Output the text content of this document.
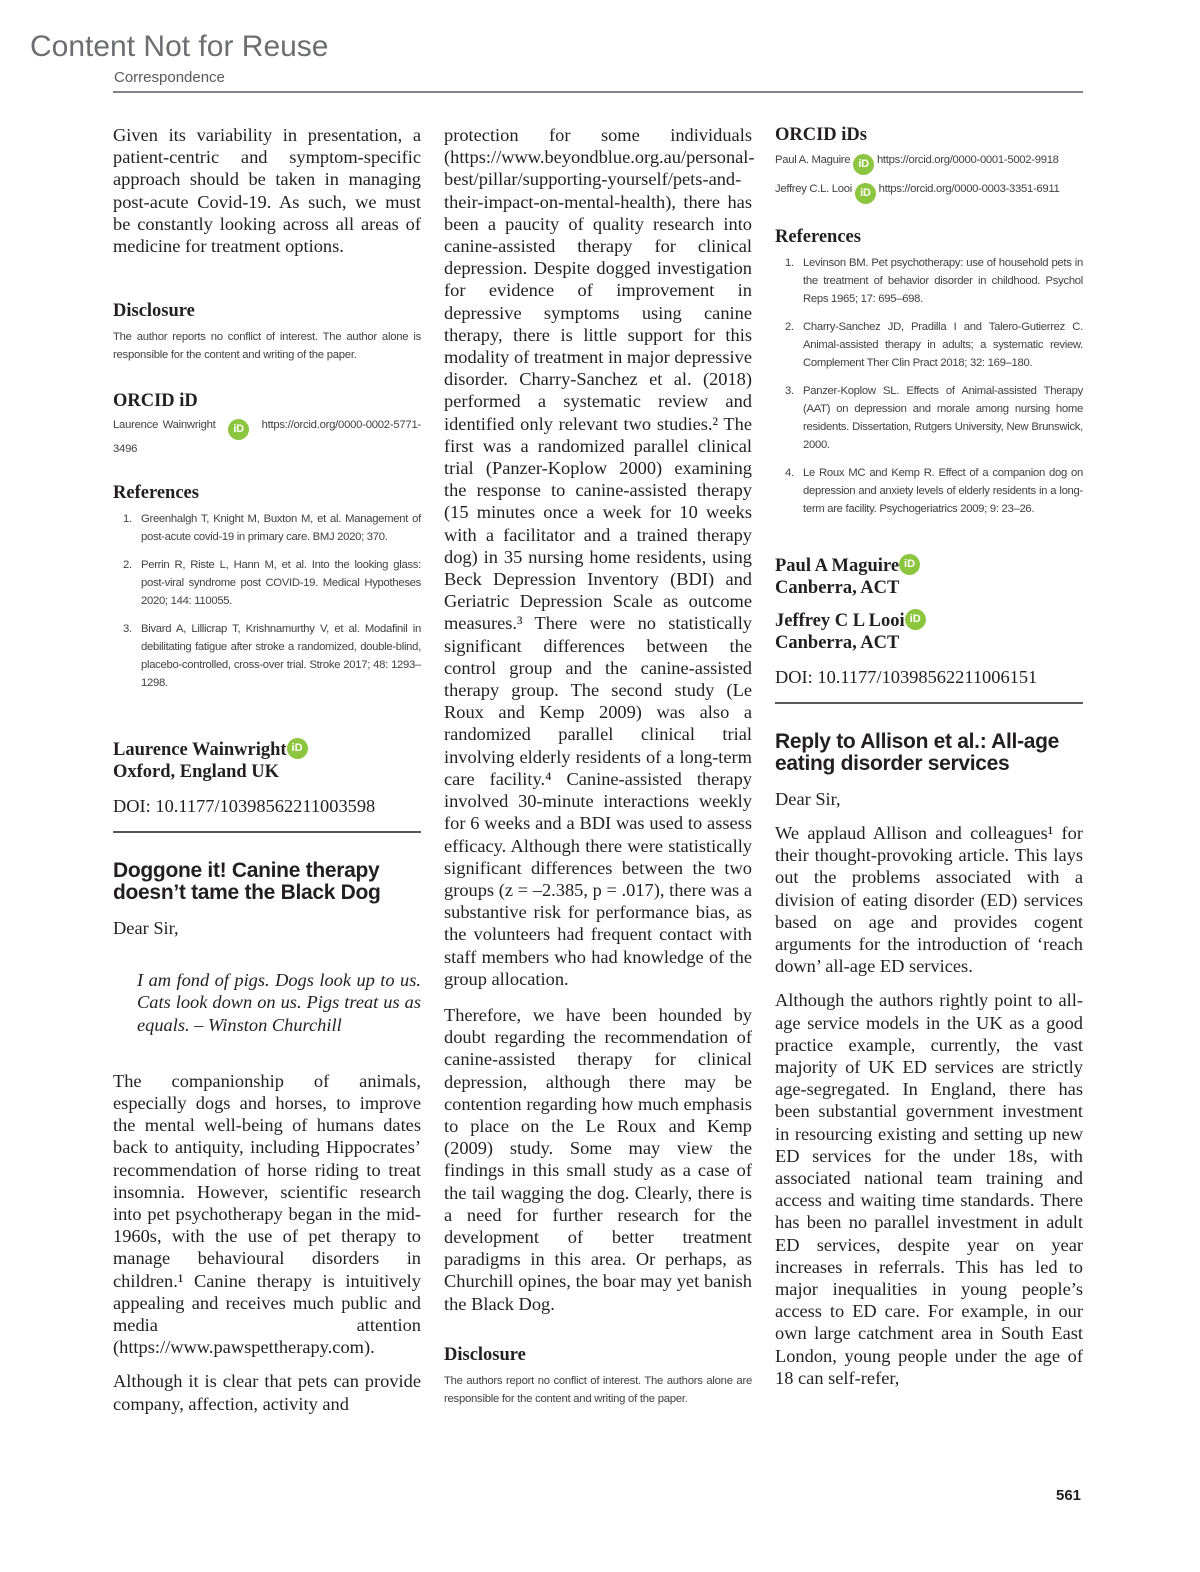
Content Not for Reuse
Correspondence

Given its variability in presentation, a patient-centric and symptom-specific approach should be taken in managing post-acute Covid-19. As such, we must be constantly looking across all areas of medicine for treatment options.

Disclosure

The author reports no conflict of interest. The author alone is responsible for the content and writing of the paper.

ORCID iD

Laurence Wainwright iD https://orcid.org/0000-0002-5771-3496

References
1. Greenhalgh T, Knight M, Buxton M, et al. Management of post-acute covid-19 in primary care. BMJ 2020; 370.
2. Perrin R, Riste L, Hann M, et al. Into the looking glass: post-viral syndrome post COVID-19. Medical Hypotheses 2020; 144: 110055.
3. Bivard A, Lillicrap T, Krishnamurthy V, et al. Modafinil in debilitating fatigue after stroke a randomized, double-blind, placebo-controlled, cross-over trial. Stroke 2017; 48: 1293–1298.

Laurence Wainwright iD

Oxford, England UK

DOI: 10.1177/10398562211003598

Doggone it! Canine therapy doesn’t tame the Black Dog

Dear Sir,

I am fond of pigs. Dogs look up to us. Cats look down on us. Pigs treat us as equals. – Winston Churchill

The companionship of animals, especially dogs and horses, to improve the mental well-being of humans dates back to antiquity, including Hippocrates’ recommendation of horse riding to treat insomnia. However, scientific research into pet psychotherapy began in the mid-1960s, with the use of pet therapy to manage behavioural disorders in children.¹ Canine therapy is intuitively appealing and receives much public and media attention (https://www.pawspettherapy.com).

Although it is clear that pets can provide company, affection, activity and

protection for some individuals (https://www.beyondblue.org.au/personal-best/pillar/supporting-yourself/pets-and-their-impact-on-mental-health), there has been a paucity of quality research into canine-assisted therapy for clinical depression. Despite dogged investigation for evidence of improvement in depressive symptoms using canine therapy, there is little support for this modality of treatment in major depressive disorder. Charry-Sanchez et al. (2018) performed a systematic review and identified only relevant two studies.² The first was a randomized parallel clinical trial (Panzer-Koplow 2000) examining the response to canine-assisted therapy (15 minutes once a week for 10 weeks with a facilitator and a trained therapy dog) in 35 nursing home residents, using Beck Depression Inventory (BDI) and Geriatric Depression Scale as outcome measures.³ There were no statistically significant differences between the control group and the canine-assisted therapy group. The second study (Le Roux and Kemp 2009) was also a randomized parallel clinical trial involving elderly residents of a long-term care facility.⁴ Canine-assisted therapy involved 30-minute interactions weekly for 6 weeks and a BDI was used to assess efficacy. Although there were statistically significant differences between the two groups (z = –2.385, p = .017), there was a substantive risk for performance bias, as the volunteers had frequent contact with staff members who had knowledge of the group allocation.

Therefore, we have been hounded by doubt regarding the recommendation of canine-assisted therapy for clinical depression, although there may be contention regarding how much emphasis to place on the Le Roux and Kemp (2009) study. Some may view the findings in this small study as a case of the tail wagging the dog. Clearly, there is a need for further research for the development of better treatment paradigms in this area. Or perhaps, as Churchill opines, the boar may yet banish the Black Dog.

Disclosure

The authors report no conflict of interest. The authors alone are responsible for the content and writing of the paper.

ORCID iDs
Paul A. Maguire iD https://orcid.org/0000-0001-5002-9918
Jeffrey C.L. Looi iD https://orcid.org/0000-0003-3351-6911
References
1. Levinson BM. Pet psychotherapy: use of household pets in the treatment of behavior disorder in childhood. Psychol Reps 1965; 17: 695–698.
2. Charry-Sanchez JD, Pradilla I and Talero-Gutierrez C. Animal-assisted therapy in adults; a systematic review. Complement Ther Clin Pract 2018; 32: 169–180.
3. Panzer-Koplow SL. Effects of Animal-assisted Therapy (AAT) on depression and morale among nursing home residents. Dissertation, Rutgers University, New Brunswick, 2000.
4. Le Roux MC and Kemp R. Effect of a companion dog on depression and anxiety levels of elderly residents in a long-term are facility. Psychogeriatrics 2009; 9: 23–26.

Paul A Maguire iD

Canberra, ACT

Jeffrey C L Looi iD

Canberra, ACT

DOI: 10.1177/10398562211006151

Reply to Allison et al.: All-age eating disorder services

Dear Sir,

We applaud Allison and colleagues¹ for their thought-provoking article. This lays out the problems associated with a division of eating disorder (ED) services based on age and provides cogent arguments for the introduction of ‘reach down’ all-age ED services.

Although the authors rightly point to all-age service models in the UK as a good practice example, currently, the vast majority of UK ED services are strictly age-segregated. In England, there has been substantial government investment in resourcing existing and setting up new ED services for the under 18s, with associated national team training and access and waiting time standards. There has been no parallel investment in adult ED services, despite year on year increases in referrals. This has led to major inequalities in young people’s access to ED care. For example, in our own large catchment area in South East London, young people under the age of 18 can self-refer,

561
